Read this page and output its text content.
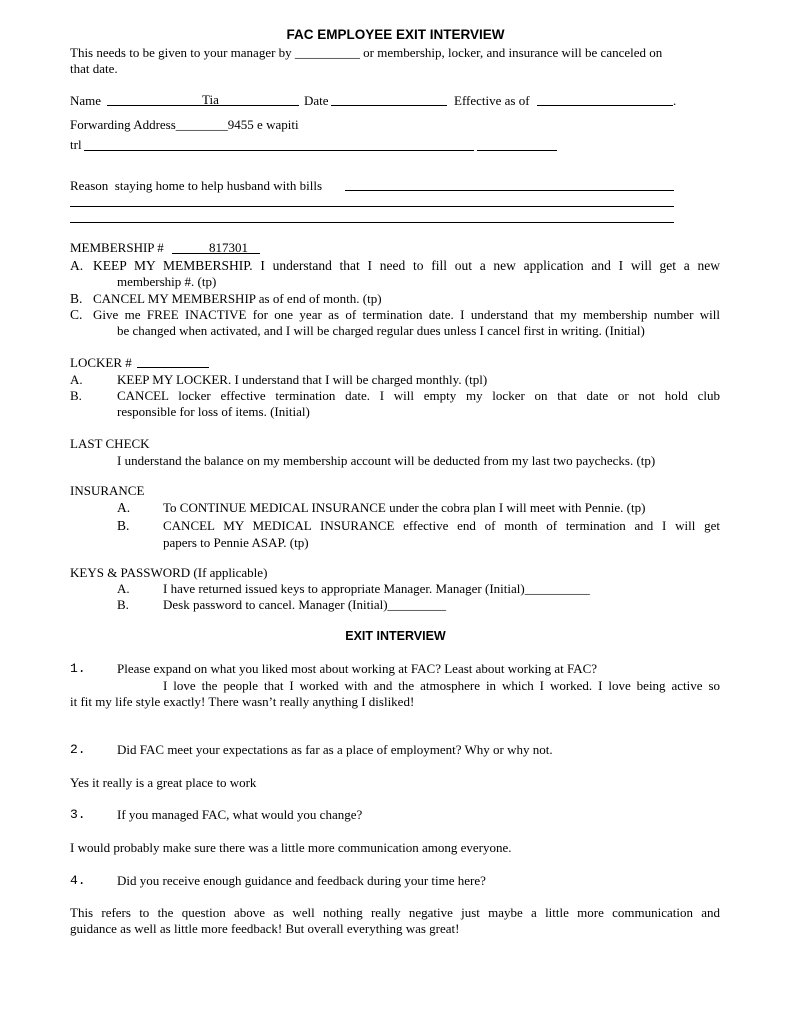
FAC EMPLOYEE EXIT INTERVIEW
This needs to be given to your manager by __________ or membership, locker, and insurance will be canceled on
that date.
Name	Tia	Date	Effective as of	.
Forwarding Address________9455 e wapiti
trl
Reason staying home to help husband with bills
MEMBERSHIP #	817301
A. KEEP MY MEMBERSHIP. I understand that I need to fill out a new application and I will get a new
membership #. (tp)
B. CANCEL MY MEMBERSHIP as of end of month. (tp)
C. Give me FREE INACTIVE for one year as of termination date. I understand that my membership number will
be changed when activated, and I will be charged regular dues unless I cancel first in writing. (Initial)
LOCKER #
A.	KEEP MY LOCKER. I understand that I will be charged monthly. (tpl)
B.	CANCEL locker effective termination date. I will empty my locker on that date or not hold club
responsible for loss of items. (Initial)
LAST CHECK
I understand the balance on my membership account will be deducted from my last two paychecks. (tp)
INSURANCE
A.	To CONTINUE MEDICAL INSURANCE under the cobra plan I will meet with Pennie. (tp)
B.	CANCEL MY MEDICAL INSURANCE effective end of month of termination and I will get
papers to Pennie ASAP. (tp)
KEYS & PASSWORD (If applicable)
A.	I have returned issued keys to appropriate Manager. Manager (Initial)__________
B.	Desk password to cancel. Manager (Initial)_________
EXIT INTERVIEW
1. Please expand on what you liked most about working at FAC? Least about working at FAC?
I love the people that I worked with and the atmosphere in which I worked. I love being active so
it fit my life style exactly! There wasn’t really anything I disliked!
2. Did FAC meet your expectations as far as a place of employment? Why or why not.
Yes it really is a great place to work
3. If you managed FAC, what would you change?
I would probably make sure there was a little more communication among everyone.
4. Did you receive enough guidance and feedback during your time here?
This refers to the question above as well nothing really negative just maybe a little more communication and
guidance as well as little more feedback! But overall everything was great!
